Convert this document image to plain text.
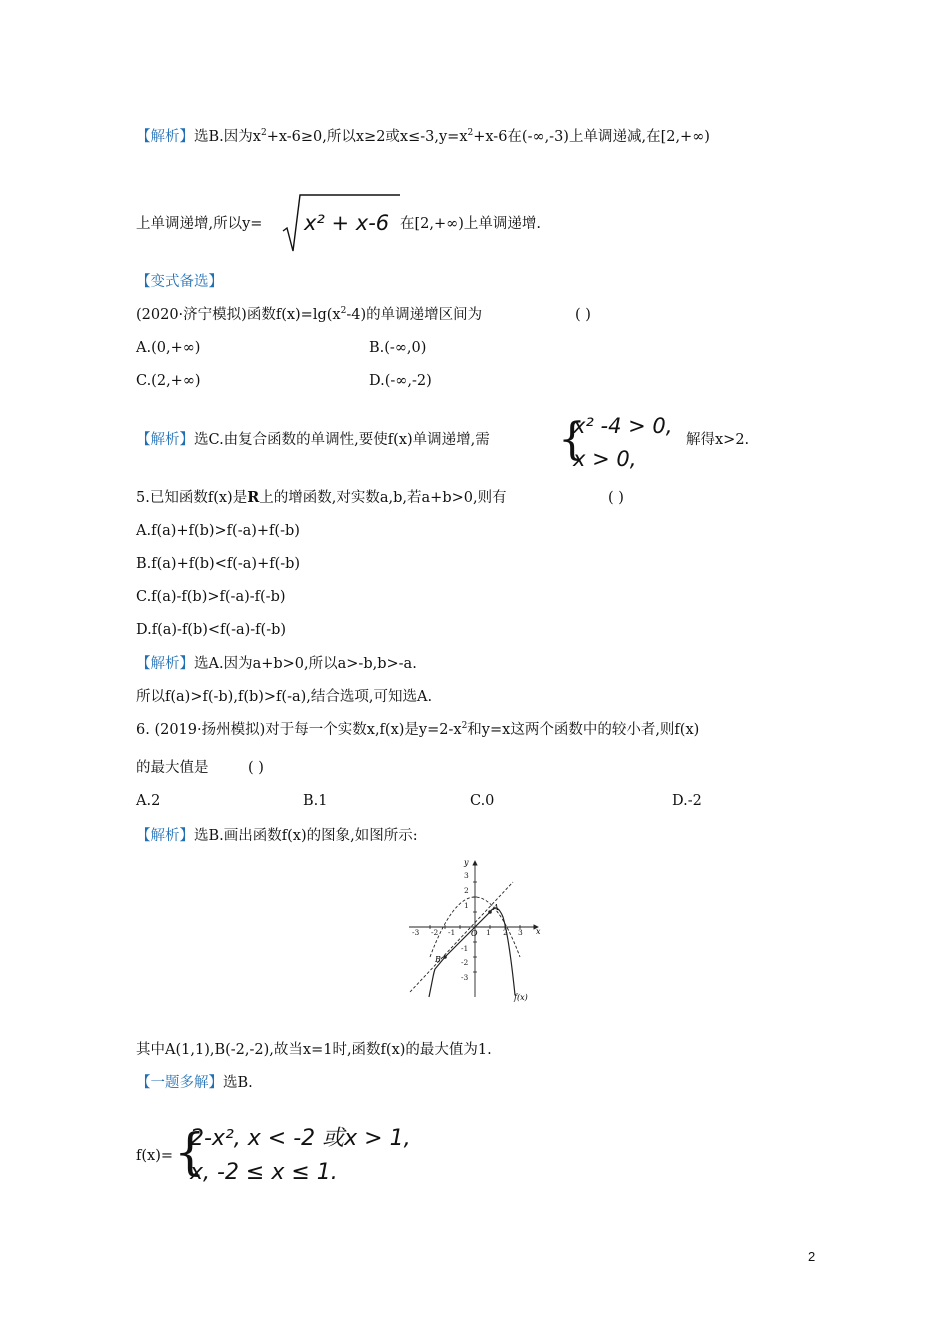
【解析】选B.因为$x^2+x-6\ge 0$,所以x≥2或$x\le-3,y=x^2+x-6$在(-∞,-3)上单调递减,在[2,+∞)
上单调递增,所以y= x² + x-6 在[2,+∞)上单调递增.
【变式备选】
(2020·济宁模拟)函数$f(x)=\lg(x^2-4)$的单调递增区间为	( )
A.(0,+∞)	B.(-∞,0)
C.(2,+∞)	D.(-∞,-2)
【解析】选C.由复合函数的单调性,要使f(x)单调递增,需 {
x² -4 > 0,
x > 0,
解得x>2.
5.已知函数f(x)是R上的增函数,对实数a,b,若a+b>0,则有	( )
A.f(a)+f(b)>f(-a)+f(-b)
B.f(a)+f(b)<f(-a)+f(-b)
C.f(a)-f(b)>f(-a)-f(-b)
D.f(a)-f(b)<f(-a)-f(-b)
【解析】选A.因为a+b>0,所以a>-b,b>-a.
所以f(a)>f(-b),f(b)>f(-a),结合选项,可知选A.
6. (2019·扬州模拟)对于每一个实数x,f(x)是$y=2-x^2$和y=x这两个函数中的较小者,则f(x)
的最大值是	( )
A.2	B.1	C.0	D.-2
【解析】选B.画出函数f(x)的图象,如图所示:
x
y
O
-3 -2 -1	1 2 3
3
2
1
-1
-2
-3
A
B
f(x)
其中A(1,1),B(-2,-2),故当x=1时,函数f(x)的最大值为1.
【一题多解】选B.
f(x)= {
2-x², x < -2 或x > 1,
x, -2 ≤ x ≤ 1.
2
